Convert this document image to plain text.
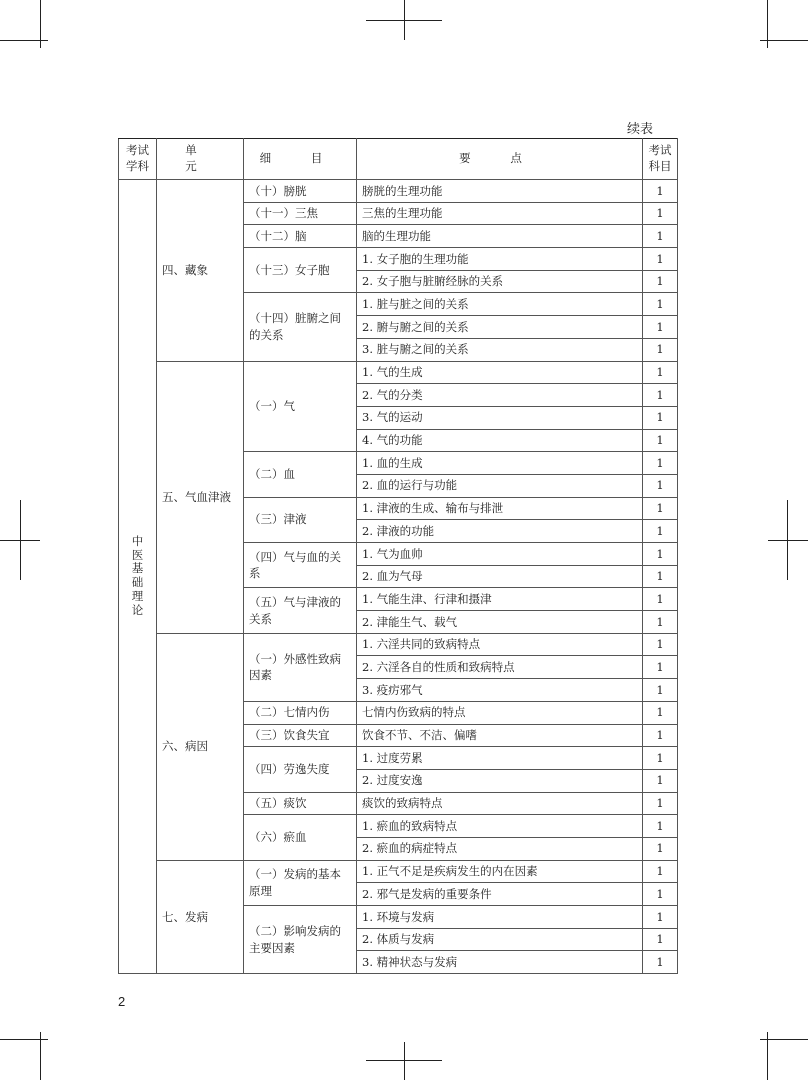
续表
考试学科	单 元	细 目	要 点	考试科目
中医基础理论	四、藏象	（十）膀胱	膀胱的生理功能	1
		（十一）三焦	三焦的生理功能	1
		（十二）脑	脑的生理功能	1
		（十三）女子胞	1. 女子胞的生理功能	1
			2. 女子胞与脏腑经脉的关系	1
		（十四）脏腑之间的关系	1. 脏与脏之间的关系	1
			2. 腑与腑之间的关系	1
			3. 脏与腑之间的关系	1
	五、气血津液	（一）气	1. 气的生成	1
			2. 气的分类	1
			3. 气的运动	1
			4. 气的功能	1
		（二）血	1. 血的生成	1
			2. 血的运行与功能	1
		（三）津液	1. 津液的生成、输布与排泄	1
			2. 津液的功能	1
		（四）气与血的关系	1. 气为血帅	1
			2. 血为气母	1
		（五）气与津液的关系	1. 气能生津、行津和摄津	1
			2. 津能生气、载气	1
	六、病因	（一）外感性致病因素	1. 六淫共同的致病特点	1
			2. 六淫各自的性质和致病特点	1
			3. 疫疠邪气	1
		（二）七情内伤	七情内伤致病的特点	1
		（三）饮食失宜	饮食不节、不洁、偏嗜	1
		（四）劳逸失度	1. 过度劳累	1
			2. 过度安逸	1
		（五）痰饮	痰饮的致病特点	1
		（六）瘀血	1. 瘀血的致病特点	1
			2. 瘀血的病症特点	1
	七、发病	（一）发病的基本原理	1. 正气不足是疾病发生的内在因素	1
			2. 邪气是发病的重要条件	1
		（二）影响发病的主要因素	1. 环境与发病	1
			2. 体质与发病	1
			3. 精神状态与发病	1
2
